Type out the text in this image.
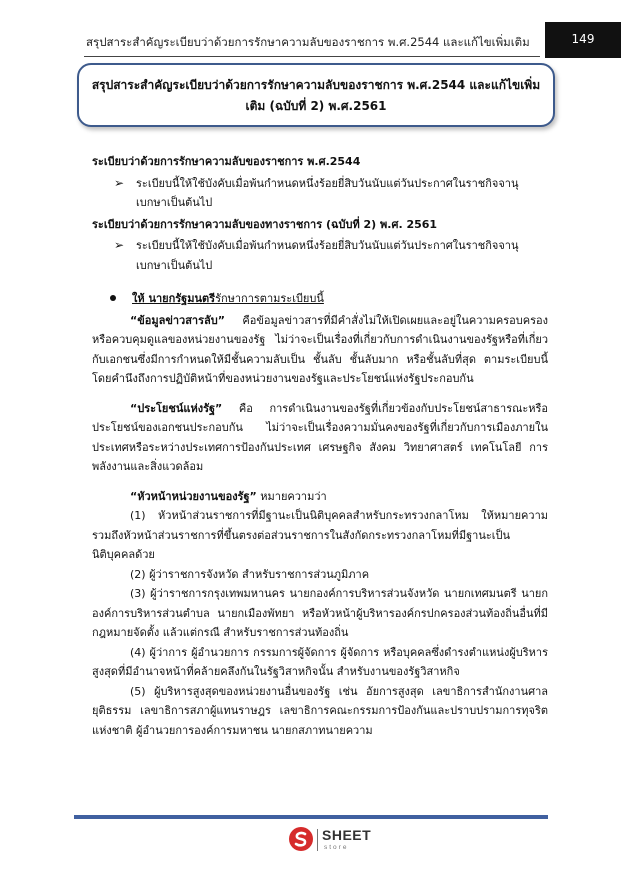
สรุปสาระสำคัญระเบียบว่าด้วยการรักษาความลับของราชการ พ.ศ.2544 และแก้ไขเพิ่มเติม	149
สรุปสาระสำคัญระเบียบว่าด้วยการรักษาความลับของราชการ พ.ศ.2544 และแก้ไขเพิ่มเติม (ฉบับที่ 2) พ.ศ.2561

ระเบียบว่าด้วยการรักษาความลับของราชการ พ.ศ.2544

➢ ระเบียบนี้ให้ใช้บังคับเมื่อพ้นกำหนดหนึ่งร้อยยี่สิบวันนับแต่วันประกาศในราชกิจจานุเบกษาเป็นต้นไป

ระเบียบว่าด้วยการรักษาความลับของทางราชการ (ฉบับที่ 2) พ.ศ. 2561

➢ ระเบียบนี้ให้ใช้บังคับเมื่อพ้นกำหนดหนึ่งร้อยยี่สิบวันนับแต่วันประกาศในราชกิจจานุเบกษาเป็นต้นไป
ให้ นายกรัฐมนตรีรักษาการตามระเบียบนี้

“ข้อมูลข่าวสารลับ” คือข้อมูลข่าวสารที่มีคำสั่งไม่ให้เปิดเผยและอยู่ในความครอบครองหรือควบคุมดูแลของหน่วยงานของรัฐ ไม่ว่าจะเป็นเรื่องที่เกี่ยวกับการดำเนินงานของรัฐหรือที่เกี่ยวกับเอกชนซึ่งมีการกำหนดให้มีชั้นความลับเป็น ชั้นลับ ชั้นลับมาก หรือชั้นลับที่สุด ตามระเบียบนี้ โดยคำนึงถึงการปฏิบัติหน้าที่ของหน่วยงานของรัฐและประโยชน์แห่งรัฐประกอบกัน

“ประโยชน์แห่งรัฐ” คือ การดำเนินงานของรัฐที่เกี่ยวข้องกับประโยชน์สาธารณะหรือประโยชน์ของเอกชนประกอบกัน ไม่ว่าจะเป็นเรื่องความมั่นคงของรัฐที่เกี่ยวกับการเมืองภายในประเทศหรือระหว่างประเทศการป้องกันประเทศ เศรษฐกิจ สังคม วิทยาศาสตร์ เทคโนโลยี การพลังงานและสิ่งแวดล้อม

“หัวหน้าหน่วยงานของรัฐ” หมายความว่า

(1) หัวหน้าส่วนราชการที่มีฐานะเป็นนิติบุคคลสำหรับกระทรวงกลาโหม ให้หมายความรวมถึงหัวหน้าส่วนราชการที่ขึ้นตรงต่อส่วนราชการในสังกัดกระทรวงกลาโหมที่มีฐานะเป็นนิติบุคคลด้วย

(2) ผู้ว่าราชการจังหวัด สำหรับราชการส่วนภูมิภาค

(3) ผู้ว่าราชการกรุงเทพมหานคร นายกองค์การบริหารส่วนจังหวัด นายกเทศมนตรี นายกองค์การบริหารส่วนตำบล นายกเมืองพัทยา หรือหัวหน้าผู้บริหารองค์กรปกครองส่วนท้องถิ่นอื่นที่มีกฎหมายจัดตั้ง แล้วแต่กรณี สำหรับราชการส่วนท้องถิ่น

(4) ผู้ว่าการ ผู้อำนวยการ กรรมการผู้จัดการ ผู้จัดการ หรือบุคคลซึ่งดำรงตำแหน่งผู้บริหารสูงสุดที่มีอำนาจหน้าที่คล้ายคลึงกันในรัฐวิสาหกิจนั้น สำหรับงานของรัฐวิสาหกิจ

(5) ผู้บริหารสูงสุดของหน่วยงานอื่นของรัฐ เช่น อัยการสูงสุด เลขาธิการสำนักงานศาลยุติธรรม เลขาธิการสภาผู้แทนราษฎร เลขาธิการคณะกรรมการป้องกันและปราบปรามการทุจริตแห่งชาติ ผู้อำนวยการองค์การมหาชน นายกสภาทนายความ

SHEET
store
